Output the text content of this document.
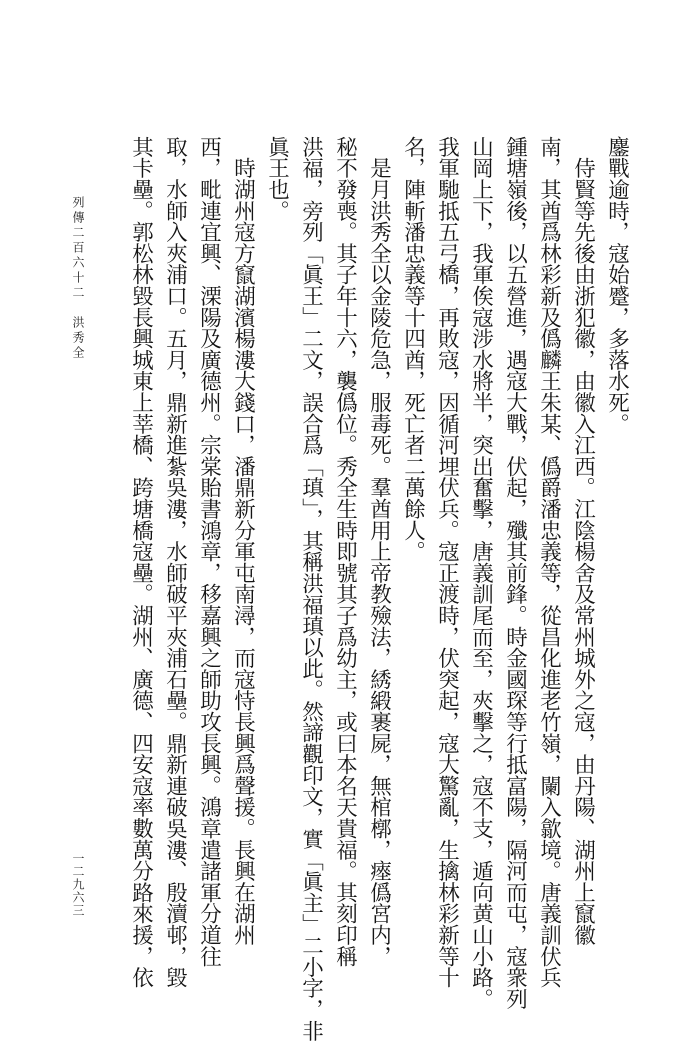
鏖戰逾時，寇始蹙，多落水死。
　侍賢等先後由浙犯徽，由徽入江西。江陰楊舍及常州城外之寇，由丹陽、湖州上竄徽
南，其酋爲林彩新及僞麟王朱某、僞爵潘忠義等，從昌化進老竹嶺，闌入歙境。唐義訓伏兵
鍾塘嶺後，以五營進，遇寇大戰，伏起，殲其前鋒。時金國琛等行抵富陽，隔河而屯，寇衆列
山岡上下，我軍俟寇涉水將半，突出奮擊，唐義訓尾而至，夾擊之，寇不支，遁向黄山小路。
我軍馳抵五弓橋，再敗寇，因循河埋伏兵。寇正渡時，伏突起，寇大驚亂，生擒林彩新等十
名，陣斬潘忠義等十四酋，死亡者二萬餘人。
　是月洪秀全以金陵危急，服毒死。羣酋用上帝教殮法，綉緞裹屍，無棺槨，瘞僞宮内，
秘不發喪。其子年十六，襲僞位。秀全生時即號其子爲幼主，或曰本名天貴福。其刻印稱
洪福，旁列「眞王」二文，誤合爲「瑱」，其稱洪福瑱以此。然諦觀印文，實「眞主」二小字，非
眞王也。
　時湖州寇方竄湖濱楊漊大錢口，潘鼎新分軍屯南潯，而寇恃長興爲聲援。長興在湖州
西，毗連宜興、溧陽及廣德州。宗棠貽書鴻章，移嘉興之師助攻長興。鴻章遣諸軍分道往
取，水師入夾浦口。五月，鼎新進紮吳漊，水師破平夾浦石壘。鼎新連破吳漊、殷瀆邨，毀
其卡壘。郭松林毀長興城東上莘橋、跨塘橋寇壘。湖州、廣德、四安寇率數萬分路來援，依
列傳二百六十二　洪秀全
一二九六三
